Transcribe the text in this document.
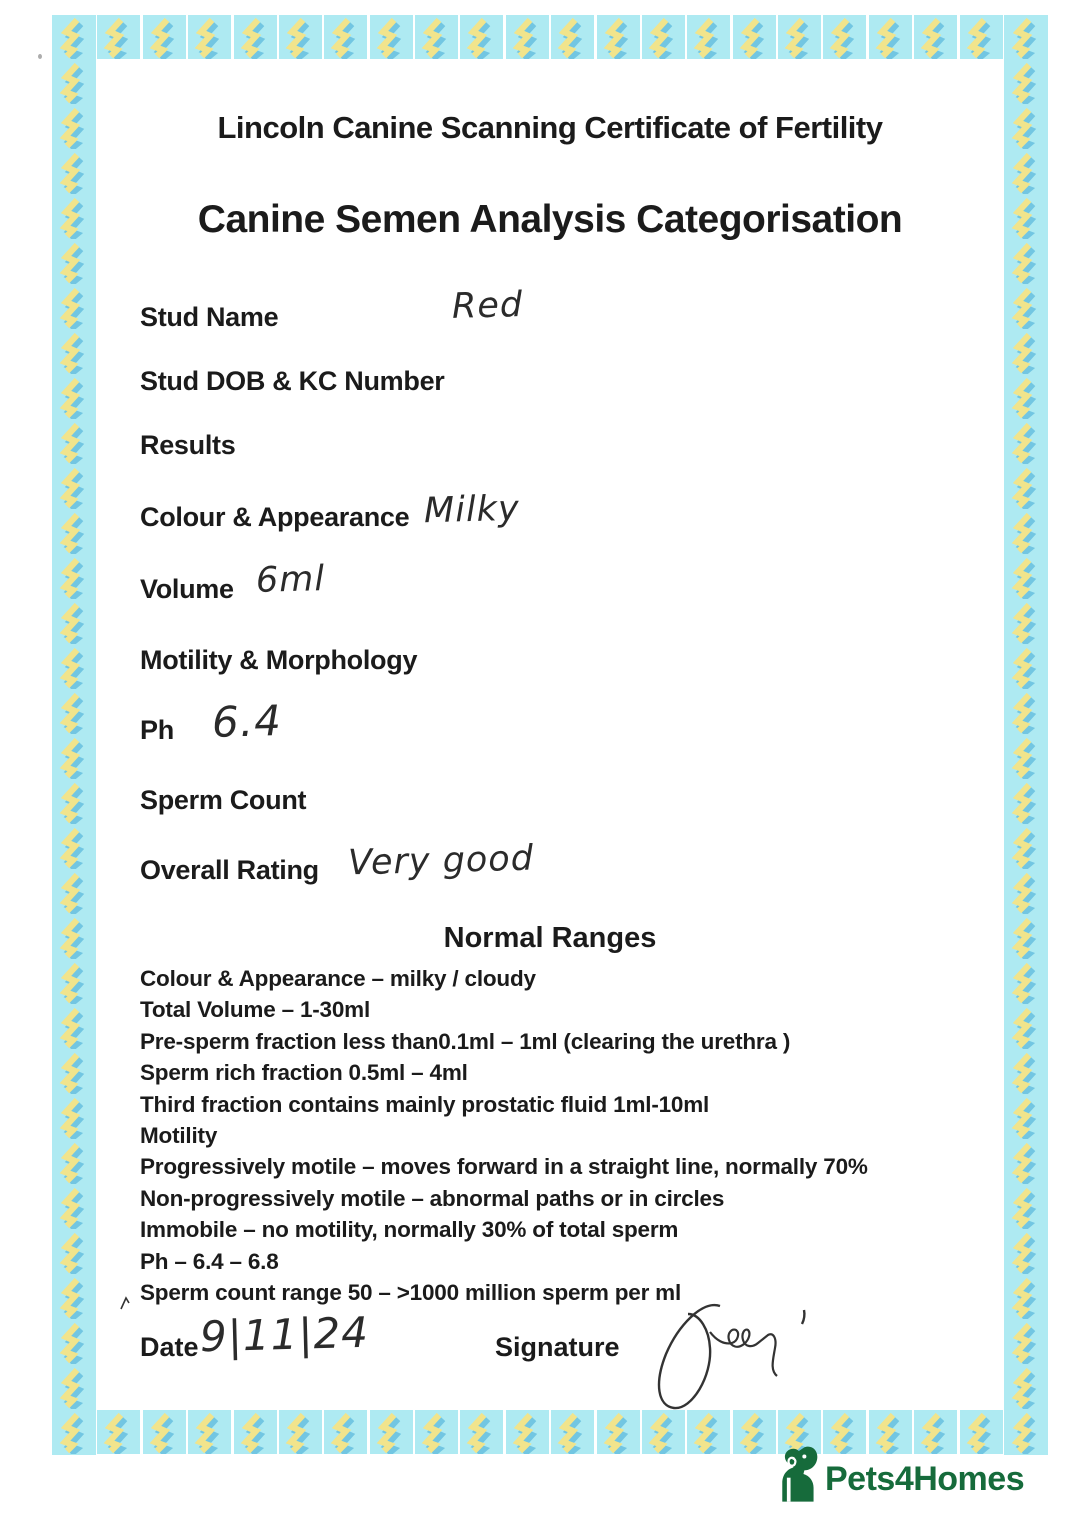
Lincoln Canine Scanning Certificate of Fertility
Canine Semen Analysis Categorisation
Stud Name	Red
Stud DOB & KC Number
Results
Colour & Appearance Milky
Volume 6ml
Motility & Morphology
Ph 6.4
Sperm Count
Overall Rating Very good
Normal Ranges
Colour & Appearance – milky / cloudy
Total Volume – 1-30ml
Pre-sperm fraction less than0.1ml – 1ml (clearing the urethra )
Sperm rich fraction 0.5ml – 4ml
Third fraction contains mainly prostatic fluid 1ml-10ml
Motility
Progressively motile – moves forward in a straight line, normally 70%
Non-progressively motile – abnormal paths or in circles
Immobile – no motility, normally 30% of total sperm
Ph – 6.4 – 6.8
Sperm count range 50 – >1000 million sperm per ml
Date 9|11|24	Signature
Pets4Homes
